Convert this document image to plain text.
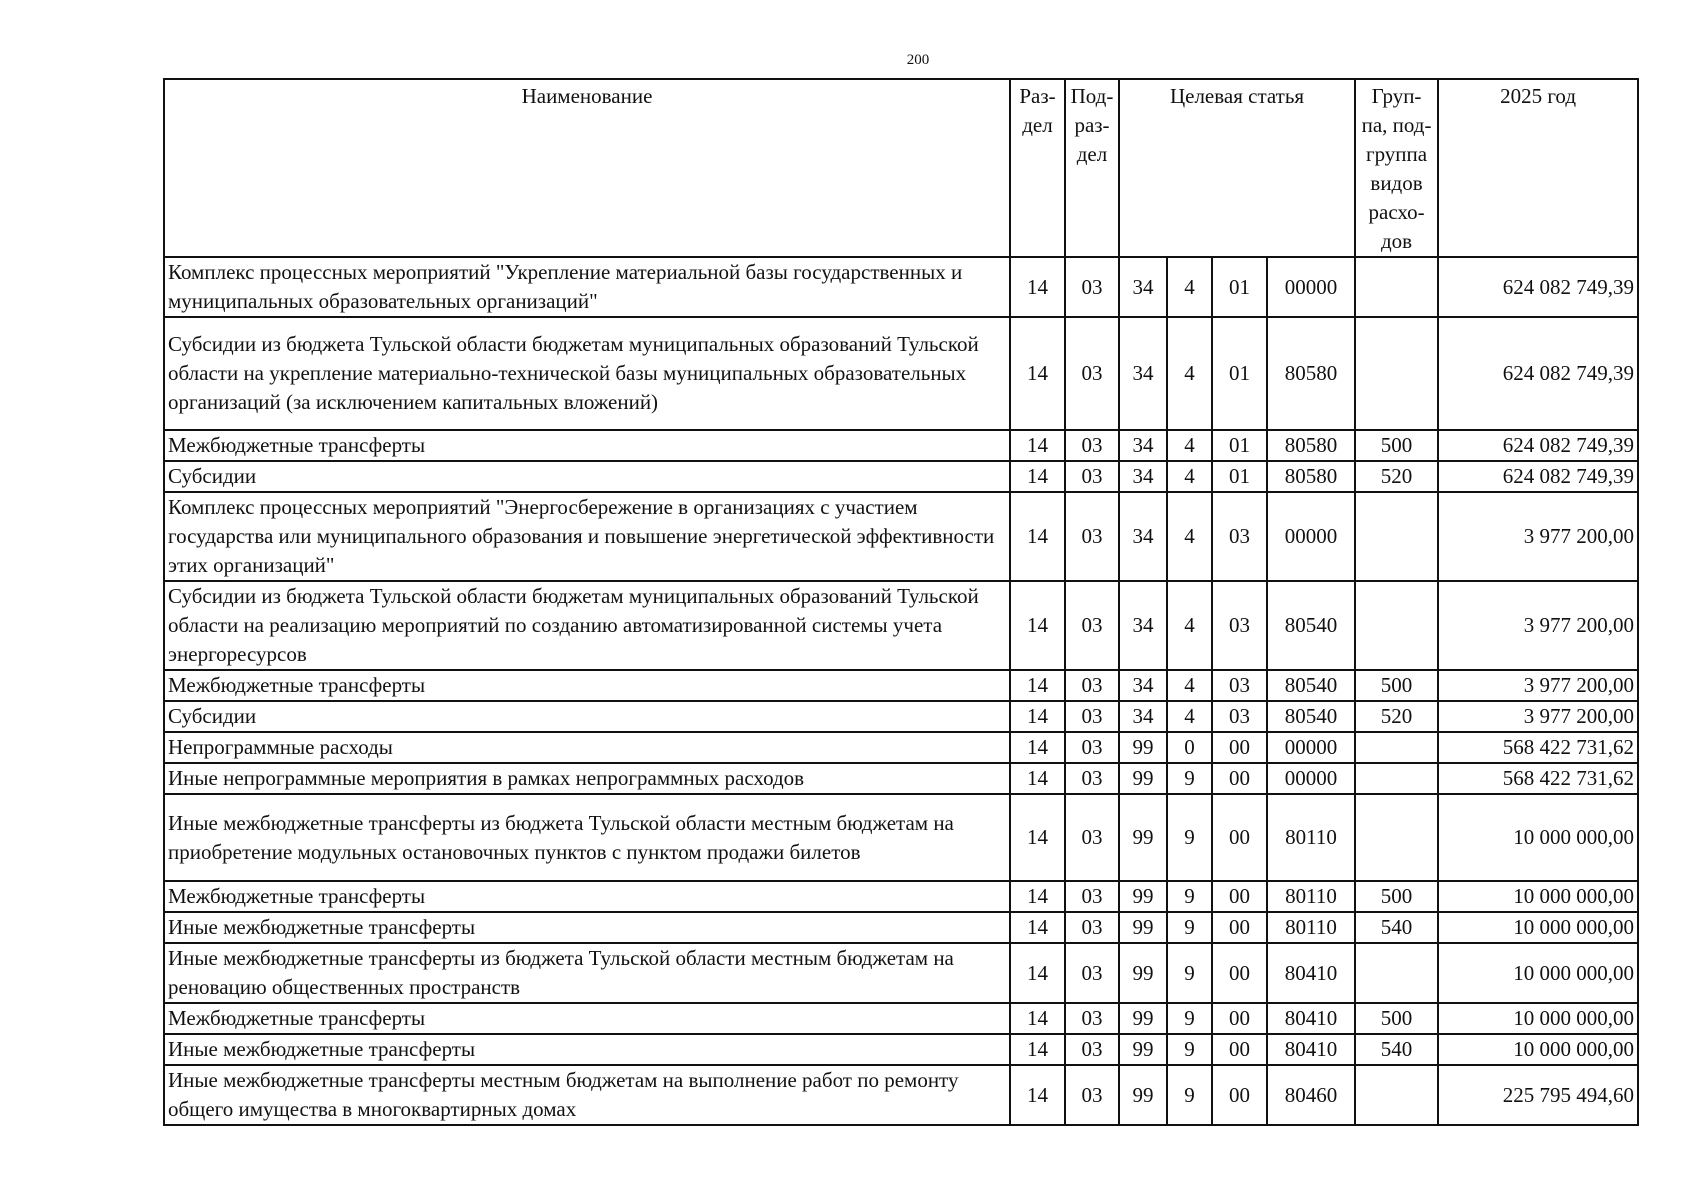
200
Наименование	Раз-дел	Под-раз-дел	Целевая статья				Груп-па, под-группа видов расхо-дов	2025 год
Комплекс процессных мероприятий "Укрепление материальной базы государственных и муниципальных образовательных организаций"	14	03	34	4	01	00000		624 082 749,39
Субсидии из бюджета Тульской области бюджетам муниципальных образований Тульской области на укрепление материально-технической базы муниципальных образовательных организаций (за исключением капитальных вложений)	14	03	34	4	01	80580		624 082 749,39
Межбюджетные трансферты	14	03	34	4	01	80580	500	624 082 749,39
Субсидии	14	03	34	4	01	80580	520	624 082 749,39
Комплекс процессных мероприятий "Энергосбережение в организациях с участием государства или муниципального образования и повышение энергетической эффективности этих организаций"	14	03	34	4	03	00000		3 977 200,00
Субсидии из бюджета Тульской области бюджетам муниципальных образований Тульской области на реализацию мероприятий по созданию автоматизированной системы учета энергоресурсов	14	03	34	4	03	80540		3 977 200,00
Межбюджетные трансферты	14	03	34	4	03	80540	500	3 977 200,00
Субсидии	14	03	34	4	03	80540	520	3 977 200,00
Непрограммные расходы	14	03	99	0	00	00000		568 422 731,62
Иные непрограммные мероприятия в рамках непрограммных расходов	14	03	99	9	00	00000		568 422 731,62
Иные межбюджетные трансферты из бюджета Тульской области местным бюджетам на приобретение модульных остановочных пунктов с пунктом продажи билетов	14	03	99	9	00	80110		10 000 000,00
Межбюджетные трансферты	14	03	99	9	00	80110	500	10 000 000,00
Иные межбюджетные трансферты	14	03	99	9	00	80110	540	10 000 000,00
Иные межбюджетные трансферты из бюджета Тульской области местным бюджетам на реновацию общественных пространств	14	03	99	9	00	80410		10 000 000,00
Межбюджетные трансферты	14	03	99	9	00	80410	500	10 000 000,00
Иные межбюджетные трансферты	14	03	99	9	00	80410	540	10 000 000,00
Иные межбюджетные трансферты местным бюджетам на выполнение работ по ремонту общего имущества в многоквартирных домах	14	03	99	9	00	80460		225 795 494,60
